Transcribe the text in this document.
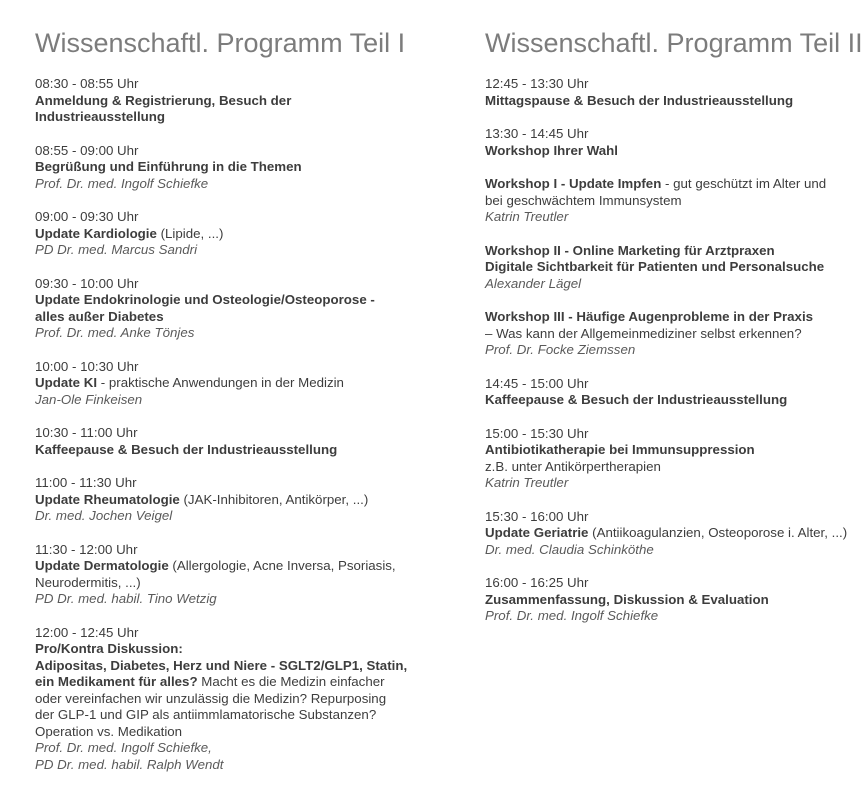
Wissenschaftl. Programm Teil I
08:30 - 08:55 Uhr
Anmeldung & Registrierung, Besuch der
Industrieausstellung
08:55 - 09:00 Uhr
Begrüßung und Einführung in die Themen
Prof. Dr. med. Ingolf Schiefke
09:00 - 09:30 Uhr
Update Kardiologie (Lipide, ...)
PD Dr. med. Marcus Sandri
09:30 - 10:00 Uhr
Update Endokrinologie und Osteologie/Osteoporose -
alles außer Diabetes
Prof. Dr. med. Anke Tönjes
10:00 - 10:30 Uhr
Update KI - praktische Anwendungen in der Medizin
Jan-Ole Finkeisen
10:30 - 11:00 Uhr
Kaffeepause & Besuch der Industrieausstellung
11:00 - 11:30 Uhr
Update Rheumatologie (JAK-Inhibitoren, Antikörper, ...)
Dr. med. Jochen Veigel
11:30 - 12:00 Uhr
Update Dermatologie (Allergologie, Acne Inversa, Psoriasis,
Neurodermitis, ...)
PD Dr. med. habil. Tino Wetzig
12:00 - 12:45 Uhr
Pro/Kontra Diskussion:
Adipositas, Diabetes, Herz und Niere - SGLT2/GLP1, Statin,
ein Medikament für alles? Macht es die Medizin einfacher
oder vereinfachen wir unzulässig die Medizin? Repurposing
der GLP-1 und GIP als antiimmlamatorische Substanzen?
Operation vs. Medikation
Prof. Dr. med. Ingolf Schiefke,
PD Dr. med. habil. Ralph Wendt
Wissenschaftl. Programm Teil II
12:45 - 13:30 Uhr
Mittagspause & Besuch der Industrieausstellung
13:30 - 14:45 Uhr
Workshop Ihrer Wahl
Workshop I - Update Impfen - gut geschützt im Alter und
bei geschwächtem Immunsystem
Katrin Treutler
Workshop II - Online Marketing für Arztpraxen
Digitale Sichtbarkeit für Patienten und Personalsuche
Alexander Lägel
Workshop III - Häufige Augenprobleme in der Praxis
– Was kann der Allgemeinmediziner selbst erkennen?
Prof. Dr. Focke Ziemssen
14:45 - 15:00 Uhr
Kaffeepause & Besuch der Industrieausstellung
15:00 - 15:30 Uhr
Antibiotikatherapie bei Immunsuppression
z.B. unter Antikörpertherapien
Katrin Treutler
15:30 - 16:00 Uhr
Update Geriatrie (Antiikoagulanzien, Osteoporose i. Alter, ...)
Dr. med. Claudia Schinköthe
16:00 - 16:25 Uhr
Zusammenfassung, Diskussion & Evaluation
Prof. Dr. med. Ingolf Schiefke
